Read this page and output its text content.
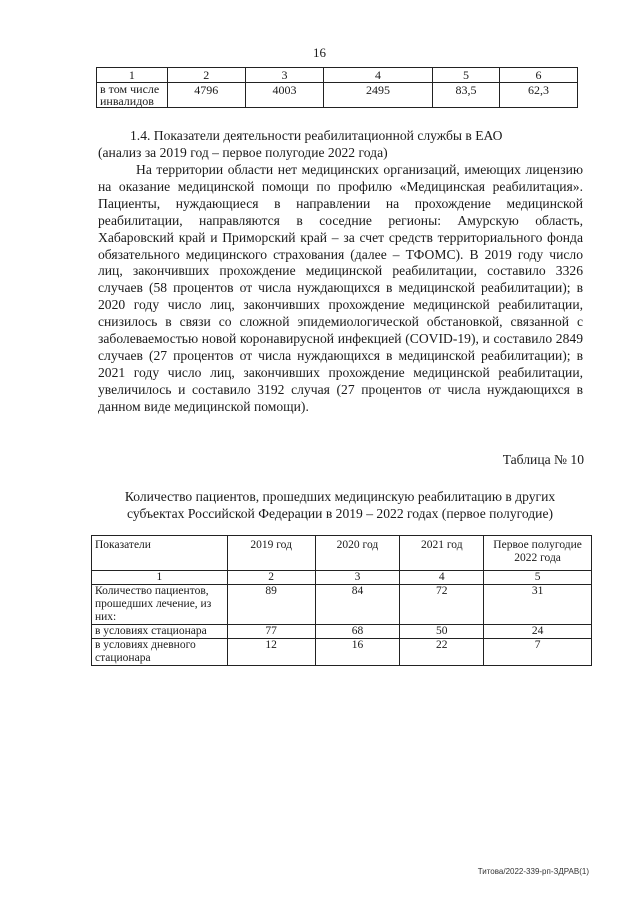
16
1	2	3	4	5	6
в том числе
инвалидов	4796	4003	2495	83,5	62,3

1.4. Показатели деятельности реабилитационной службы в ЕАО

(анализ за 2019 год – первое полугодие 2022 года)

На территории области нет медицинских организаций, имеющих лицензию на оказание медицинской помощи по профилю «Медицинская реабилитация». Пациенты, нуждающиеся в направлении на прохождение медицинской реабилитации, направляются в соседние регионы: Амурскую область, Хабаровский край и Приморский край – за счет средств территориального фонда обязательного медицинского страхования (далее – ТФОМС). В 2019 году число лиц, закончивших прохождение медицинской реабилитации, составило 3326 случаев (58 процентов от числа нуждающихся в медицинской реабилитации); в 2020 году число лиц, закончивших прохождение медицинской реабилитации, снизилось в связи со сложной эпидемиологической обстановкой, связанной с заболеваемостью новой коронавирусной инфекцией (COVID-19), и составило 2849 случаев (27 процентов от числа нуждающихся в медицинской реабилитации); в 2021 году число лиц, закончивших прохождение медицинской реабилитации, увеличилось и составило 3192 случая (27 процентов от числа нуждающихся в данном виде медицинской помощи).

Таблица № 10

Количество пациентов, прошедших медицинскую реабилитацию в других

субъектах Российской Федерации в 2019 – 2022 годах (первое полугодие)

Показатели	2019 год	2020 год	2021 год	Первое полугодие 2022 года
1	2	3	4	5
Количество пациентов, прошедших лечение, из них:	89	84	72	31
в условиях стационара	77	68	50	24
в условиях дневного стационара	12	16	22	7
Титова/2022-339-рп-ЗДРАВ(1)
